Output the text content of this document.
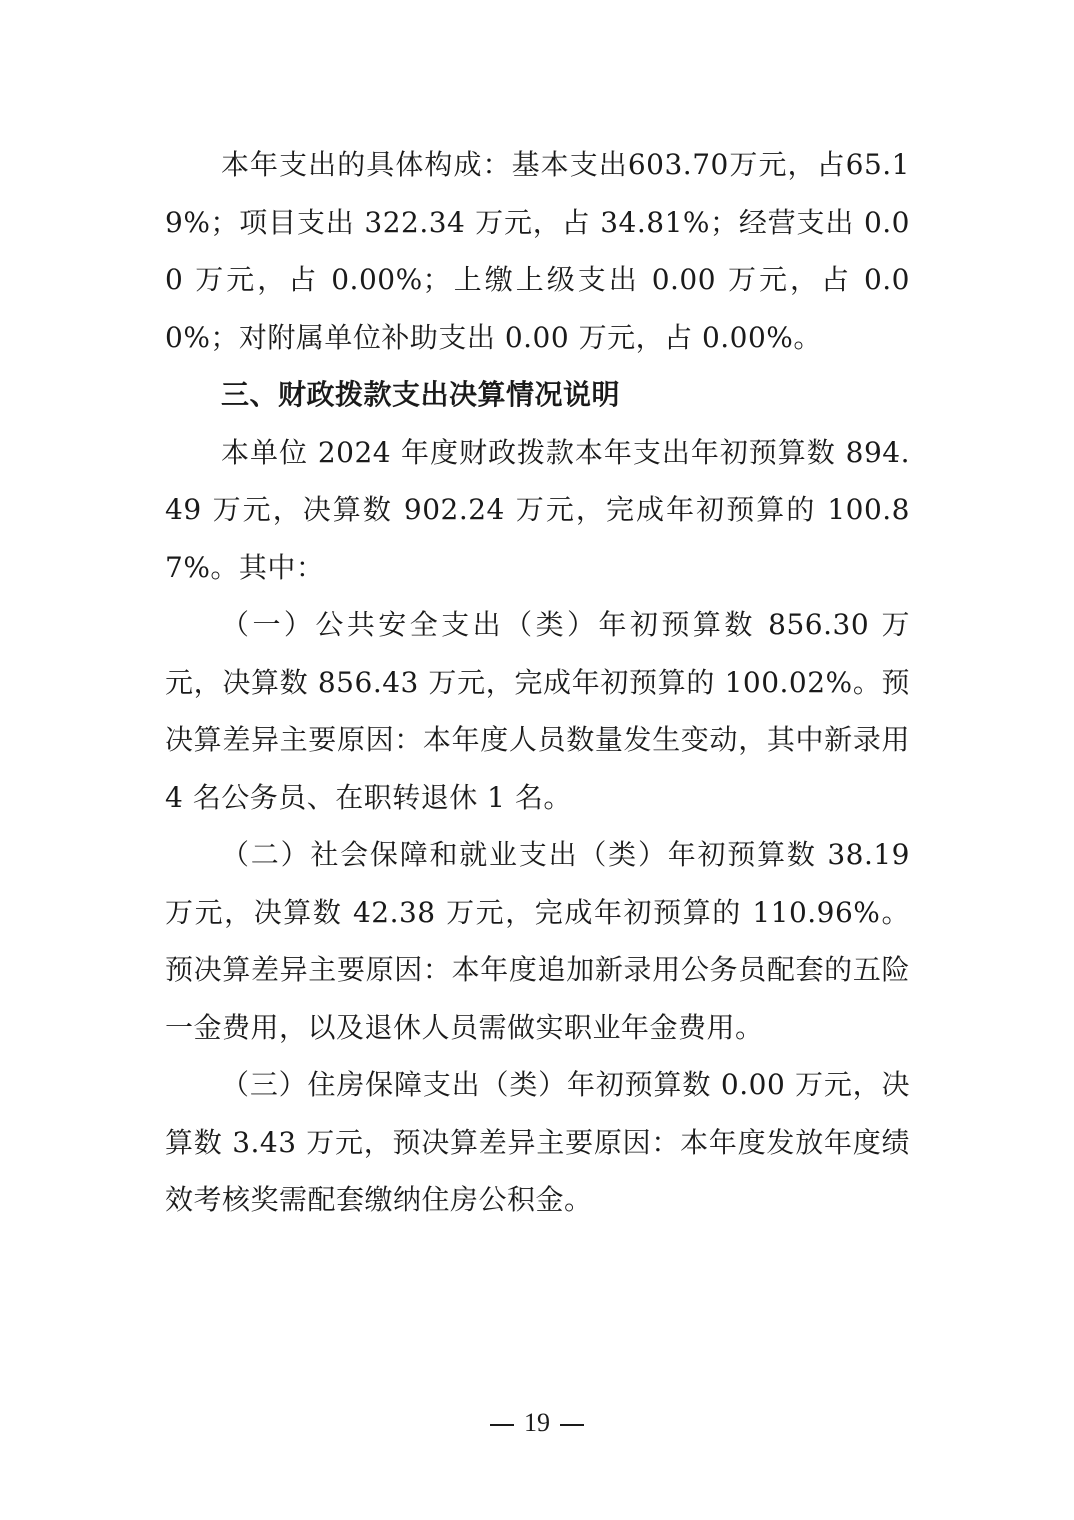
本年支出的具体构成：基本支出603.70万元，占65.19%；项目支出 322.34 万元，占 34.81%；经营支出 0.00 万元，占 0.00%；上缴上级支出 0.00 万元，占 0.00%；对附属单位补助支出 0.00 万元，占 0.00%。

三、财政拨款支出决算情况说明

本单位 2024 年度财政拨款本年支出年初预算数 894.49 万元，决算数 902.24 万元，完成年初预算的 100.87%。其中：

（一）公共安全支出（类）年初预算数 856.30 万元，决算数 856.43 万元，完成年初预算的 100.02%。预决算差异主要原因：本年度人员数量发生变动，其中新录用 4 名公务员、在职转退休 1 名。

（二）社会保障和就业支出（类）年初预算数 38.19 万元，决算数 42.38 万元，完成年初预算的 110.96%。预决算差异主要原因：本年度追加新录用公务员配套的五险一金费用，以及退休人员需做实职业年金费用。

（三）住房保障支出（类）年初预算数 0.00 万元，决算数 3.43 万元，预决算差异主要原因：本年度发放年度绩效考核奖需配套缴纳住房公积金。

19
